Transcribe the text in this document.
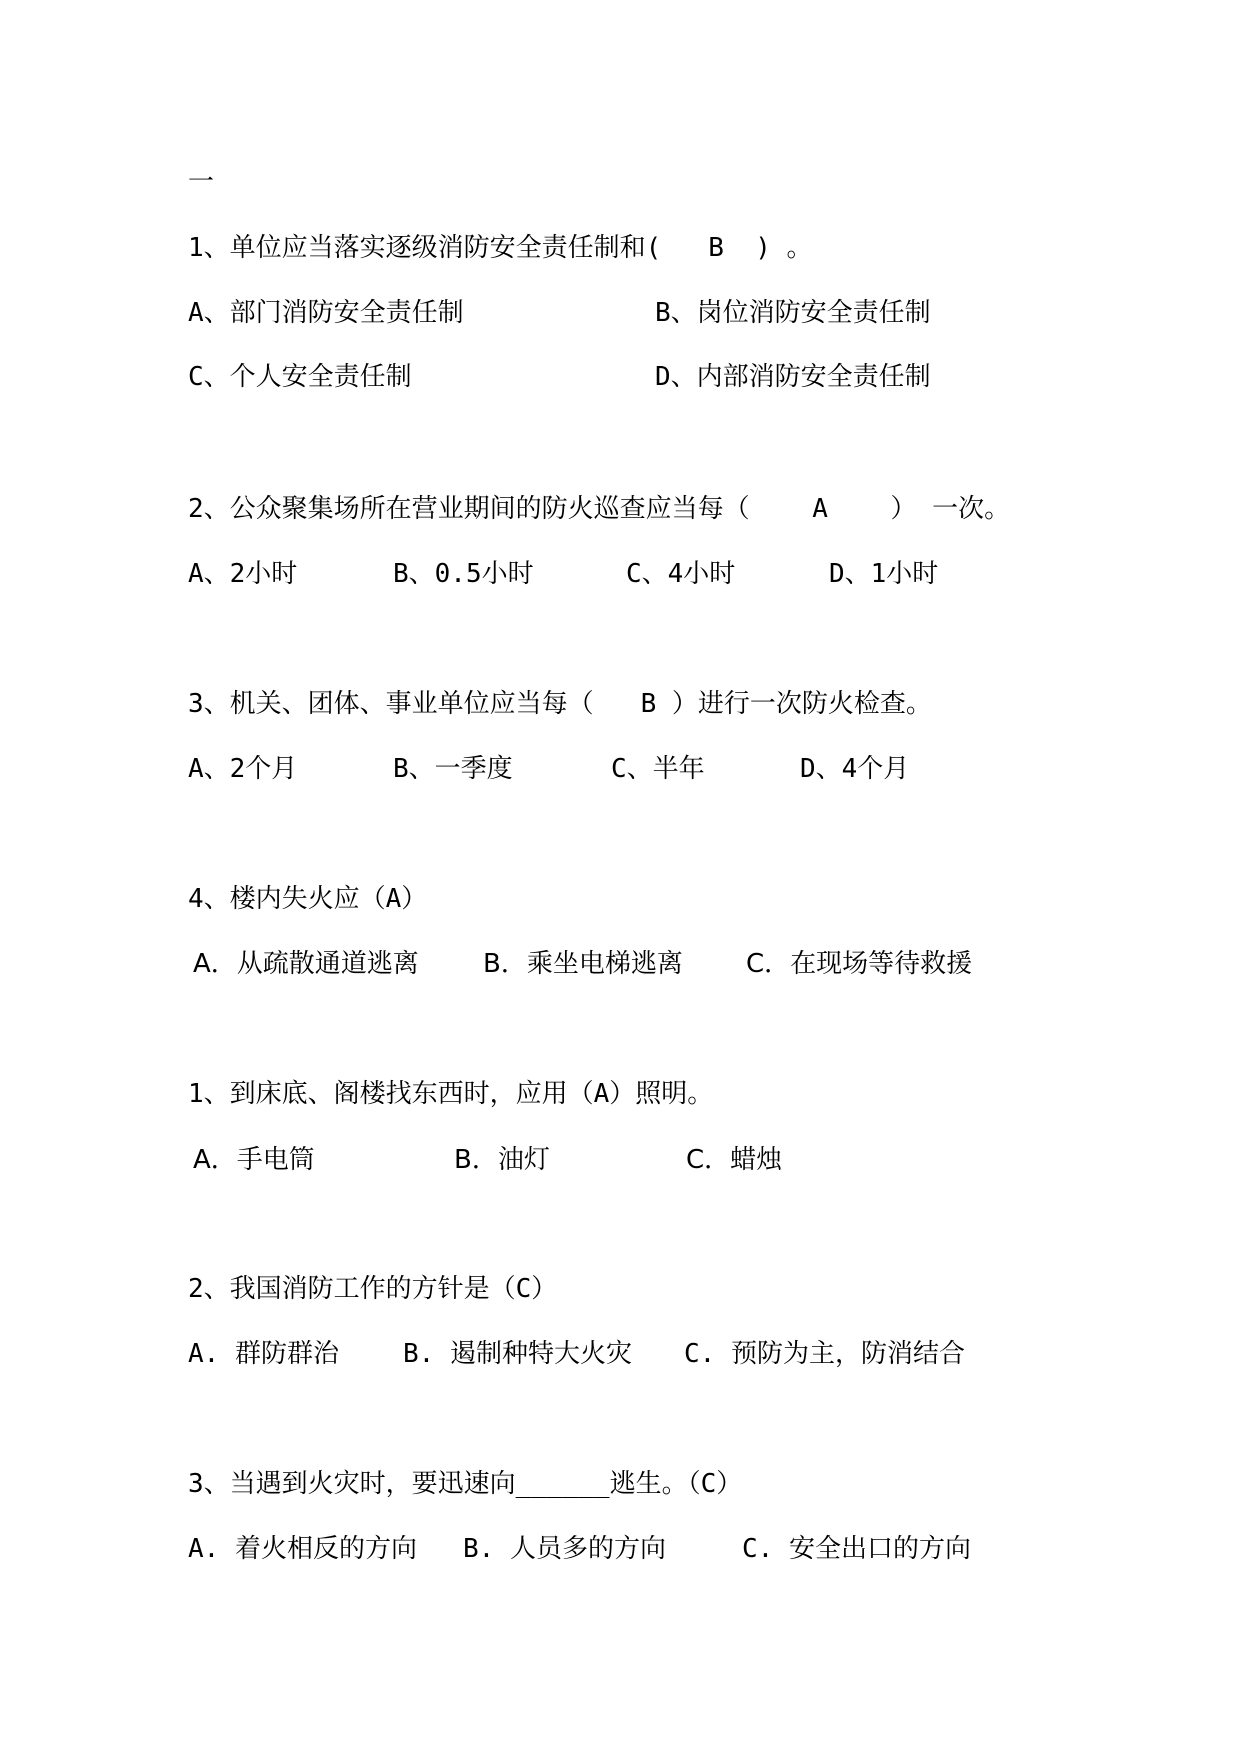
一
1、单位应当落实逐级消防安全责任制和(   B  ) 。
A、部门消防安全责任制	B、岗位消防安全责任制
C、个人安全责任制	D、内部消防安全责任制
2、公众聚集场所在营业期间的防火巡查应当每（    A    ） 一次。
A、2小时	B、0.5小时	C、4小时	D、1小时
3、机关、团体、事业单位应当每（   B ）进行一次防火检查。
A、2个月	B、一季度	C、半年	D、4个月
4、楼内失火应（A）
A．从疏散通道逃离 B．乘坐电梯逃离 C．在现场等待救援
1、到床底、阁楼找东西时，应用（A）照明。
A．手电筒	B．油灯	C．蜡烛
2、我国消防工作的方针是（C）
A. 群防群治 B. 遏制种特大火灾 C. 预防为主，防消结合
3、当遇到火灾时，要迅速向______逃生。（C）
A. 着火相反的方向 B. 人员多的方向	C. 安全出口的方向
